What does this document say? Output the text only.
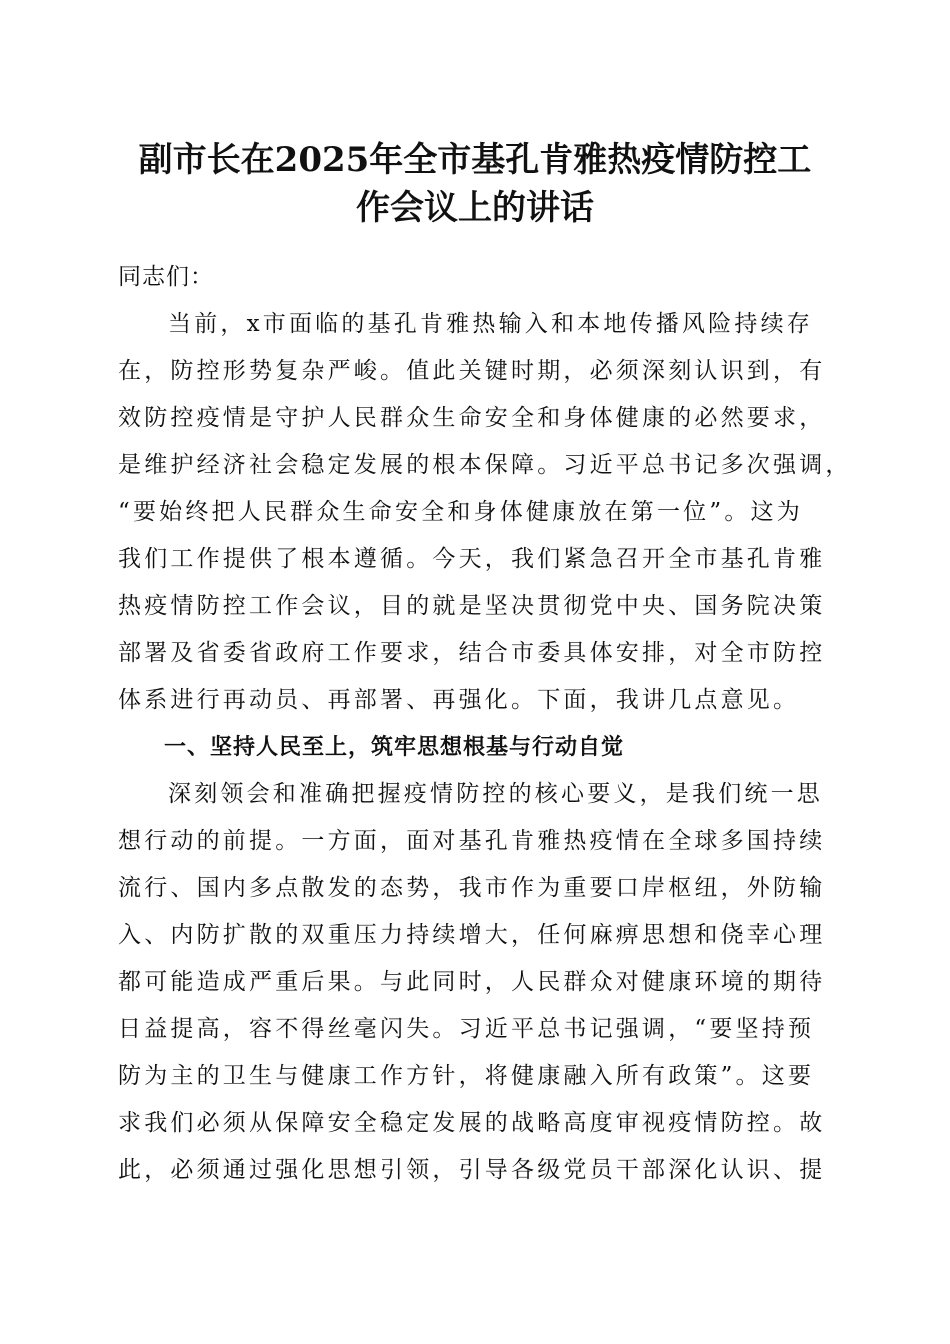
副市长在2025年全市基孔肯雅热疫情防控工
作会议上的讲话
同志们：
当前，x市面临的基孔肯雅热输入和本地传播风险持续存
在，防控形势复杂严峻。值此关键时期，必须深刻认识到，有
效防控疫情是守护人民群众生命安全和身体健康的必然要求，
是维护经济社会稳定发展的根本保障。习近平总书记多次强调，
“要始终把人民群众生命安全和身体健康放在第一位”。这为
我们工作提供了根本遵循。今天，我们紧急召开全市基孔肯雅
热疫情防控工作会议，目的就是坚决贯彻党中央、国务院决策
部署及省委省政府工作要求，结合市委具体安排，对全市防控
体系进行再动员、再部署、再强化。下面，我讲几点意见。
一、坚持人民至上，筑牢思想根基与行动自觉
深刻领会和准确把握疫情防控的核心要义，是我们统一思
想行动的前提。一方面，面对基孔肯雅热疫情在全球多国持续
流行、国内多点散发的态势，我市作为重要口岸枢纽，外防输
入、内防扩散的双重压力持续增大，任何麻痹思想和侥幸心理
都可能造成严重后果。与此同时，人民群众对健康环境的期待
日益提高，容不得丝毫闪失。习近平总书记强调，“要坚持预
防为主的卫生与健康工作方针，将健康融入所有政策”。这要
求我们必须从保障安全稳定发展的战略高度审视疫情防控。故
此，必须通过强化思想引领，引导各级党员干部深化认识、提
